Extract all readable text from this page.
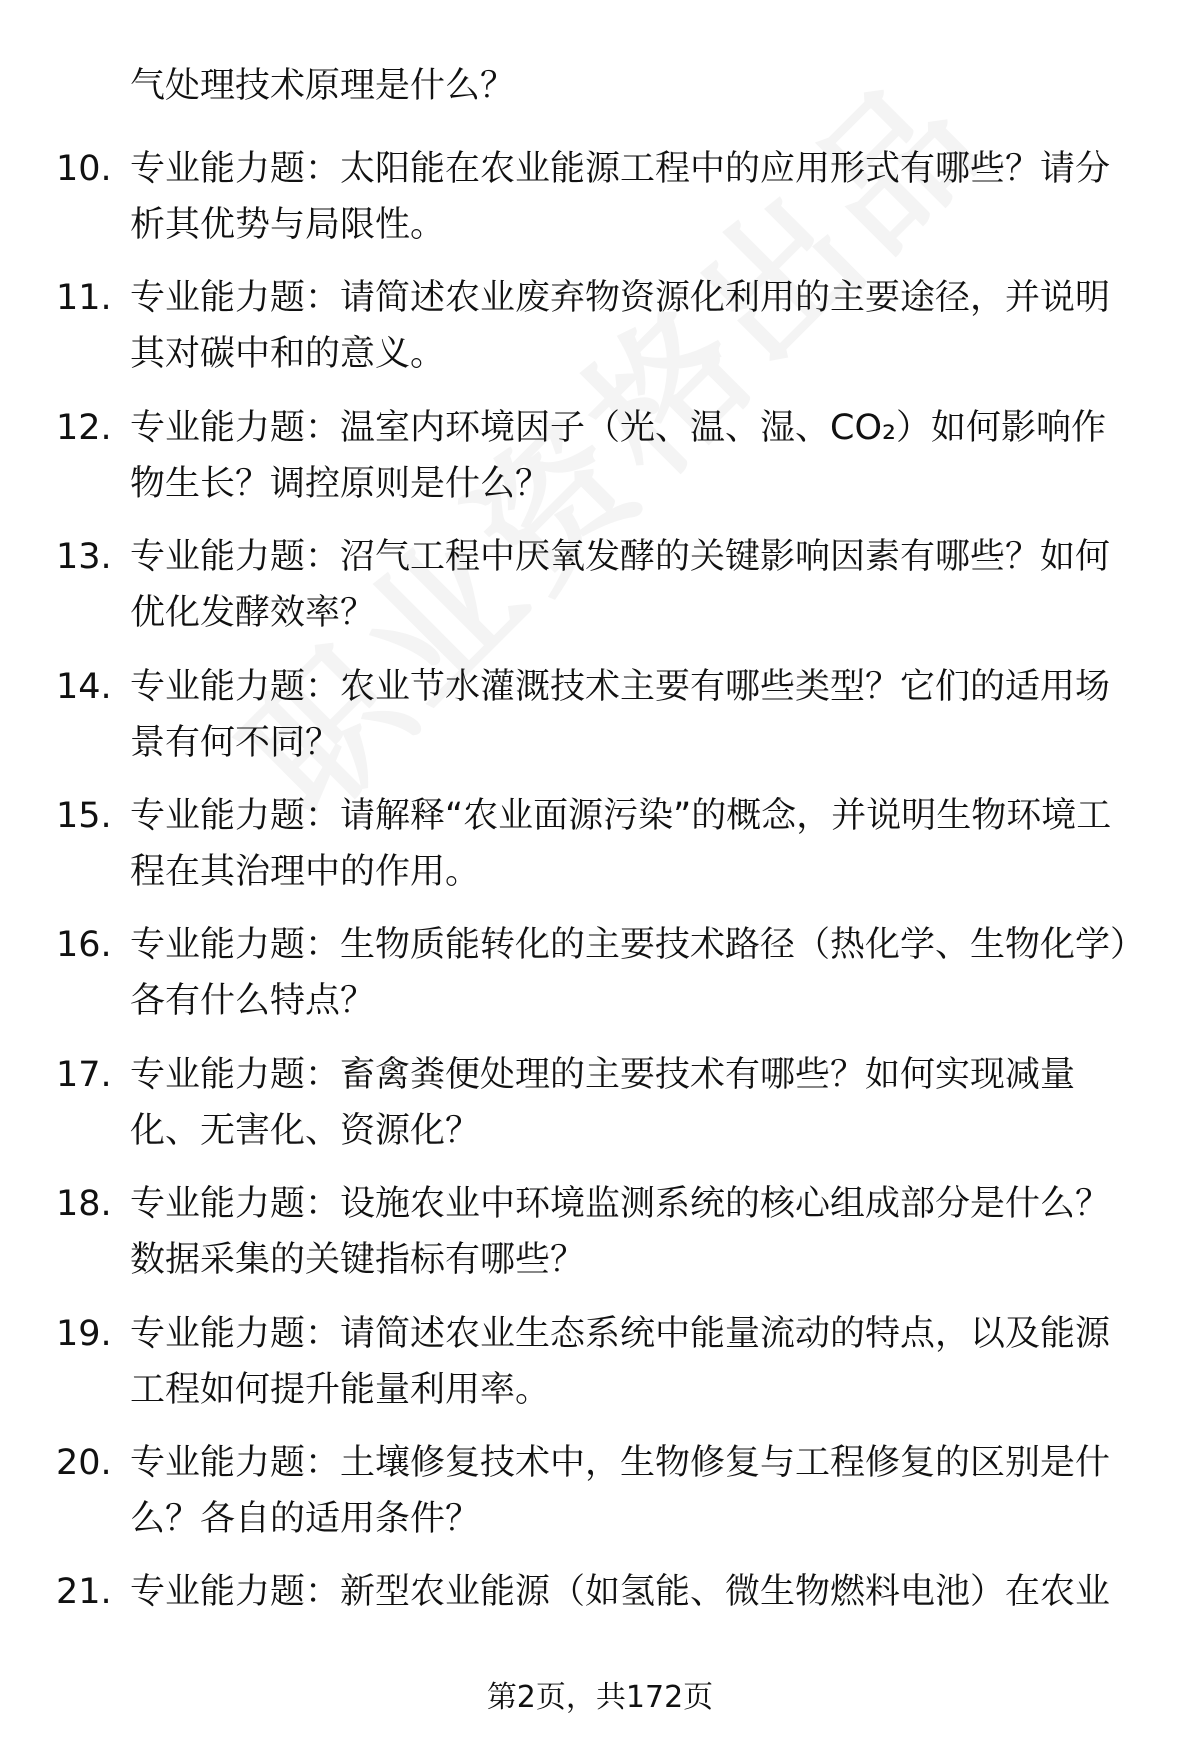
气处理技术原理是什么？
10. 专业能力题：太阳能在农业能源工程中的应用形式有哪些？请分析其优势与局限性。
11. 专业能力题：请简述农业废弃物资源化利用的主要途径，并说明其对碳中和的意义。
12. 专业能力题：温室内环境因子（光、温、湿、CO₂）如何影响作物生长？调控原则是什么？
13. 专业能力题：沼气工程中厌氧发酵的关键影响因素有哪些？如何优化发酵效率？
14. 专业能力题：农业节水灌溉技术主要有哪些类型？它们的适用场景有何不同？
15. 专业能力题：请解释“农业面源污染”的概念，并说明生物环境工程在其治理中的作用。
16. 专业能力题：生物质能转化的主要技术路径（热化学、生物化学）各有什么特点？
17. 专业能力题：畜禽粪便处理的主要技术有哪些？如何实现减量化、无害化、资源化？
18. 专业能力题：设施农业中环境监测系统的核心组成部分是什么？数据采集的关键指标有哪些？
19. 专业能力题：请简述农业生态系统中能量流动的特点，以及能源工程如何提升能量利用率。
20. 专业能力题：土壤修复技术中，生物修复与工程修复的区别是什么？各自的适用条件？
21. 专业能力题：新型农业能源（如氢能、微生物燃料电池）在农业
第2页，共172页
